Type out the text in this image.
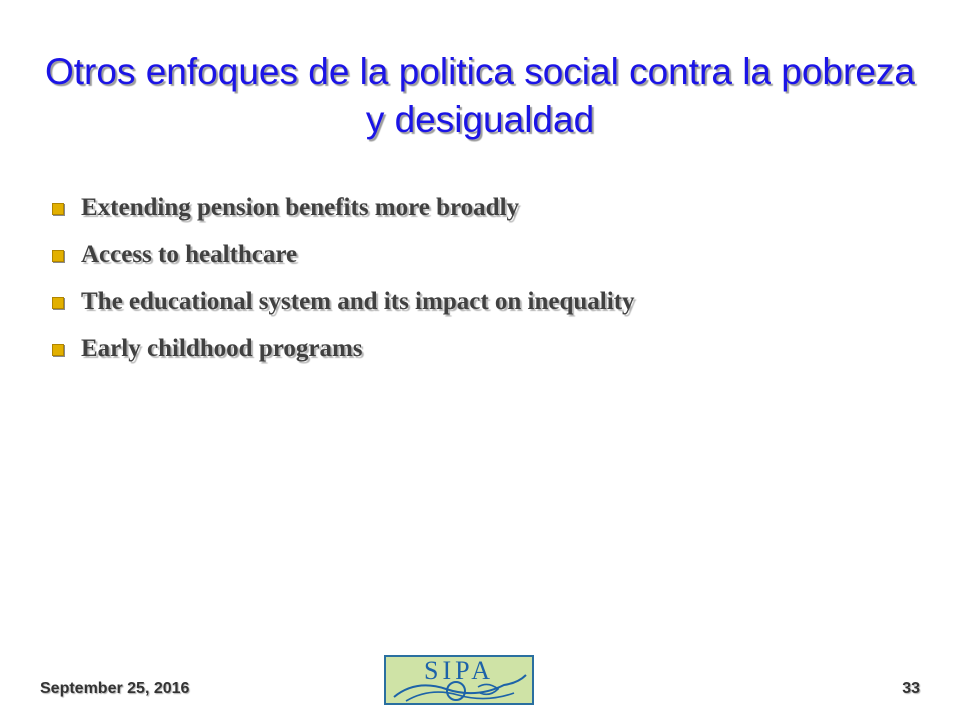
Otros enfoques de la politica social contra la pobreza y desigualdad
Extending pension benefits more broadly
Access to healthcare
The educational system and its impact on inequality
Early childhood programs
September 25, 2016
SIPA
33
